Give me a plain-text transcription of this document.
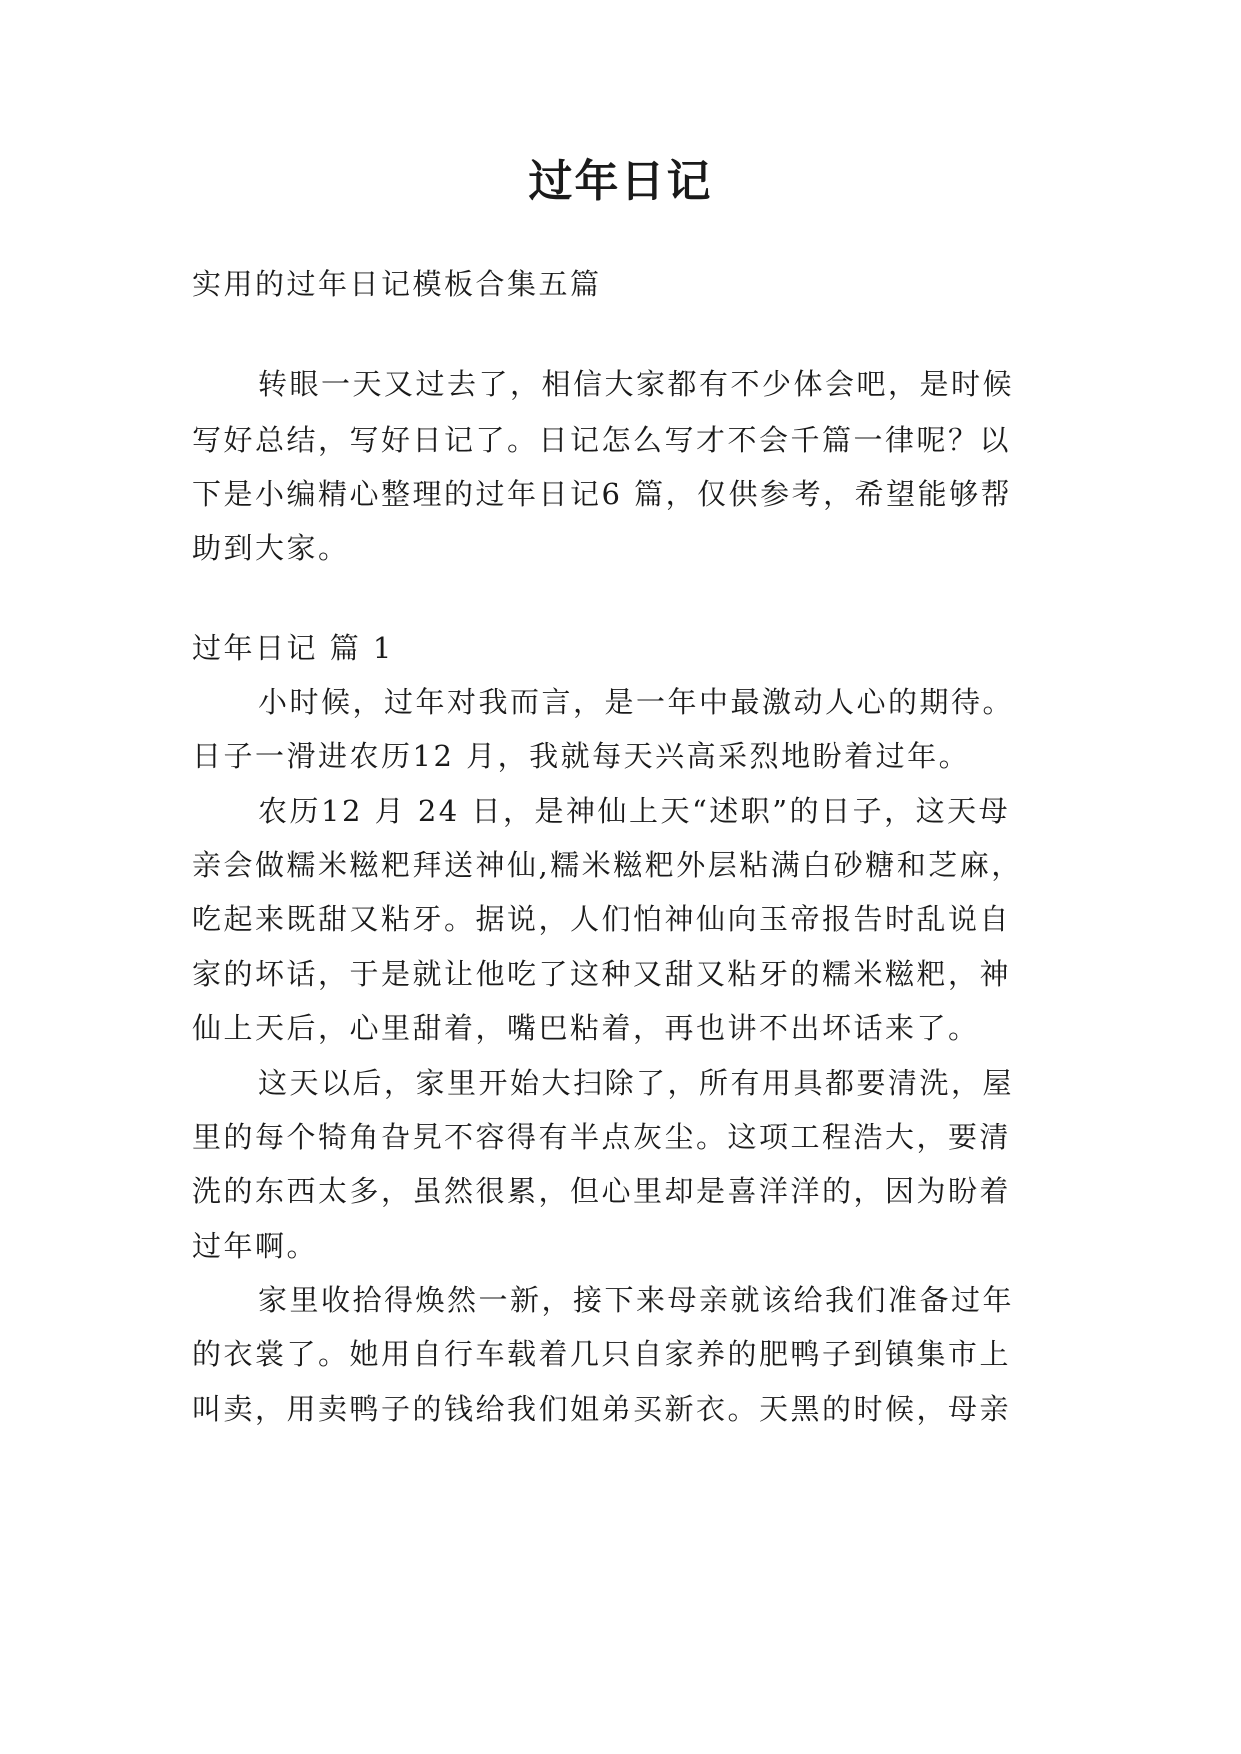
过年日记
实用的过年日记模板合集五篇
转眼一天又过去了，相信大家都有不少体会吧，是时候
写好总结，写好日记了。日记怎么写才不会千篇一律呢？以
下是小编精心整理的过年日记6 篇，仅供参考，希望能够帮
助到大家。
过年日记 篇 1
小时候，过年对我而言，是一年中最激动人心的期待。
日子一滑进农历12 月，我就每天兴高采烈地盼着过年。
农历12 月 24 日，是神仙上天“述职”的日子，这天母
亲会做糯米糍粑拜送神仙,糯米糍粑外层粘满白砂糖和芝麻，
吃起来既甜又粘牙。据说，人们怕神仙向玉帝报告时乱说自
家的坏话，于是就让他吃了这种又甜又粘牙的糯米糍粑，神
仙上天后，心里甜着，嘴巴粘着，再也讲不出坏话来了。
这天以后，家里开始大扫除了，所有用具都要清洗，屋
里的每个犄角旮旯不容得有半点灰尘。这项工程浩大，要清
洗的东西太多，虽然很累，但心里却是喜洋洋的，因为盼着
过年啊。
家里收拾得焕然一新，接下来母亲就该给我们准备过年
的衣裳了。她用自行车载着几只自家养的肥鸭子到镇集市上
叫卖，用卖鸭子的钱给我们姐弟买新衣。天黑的时候，母亲
